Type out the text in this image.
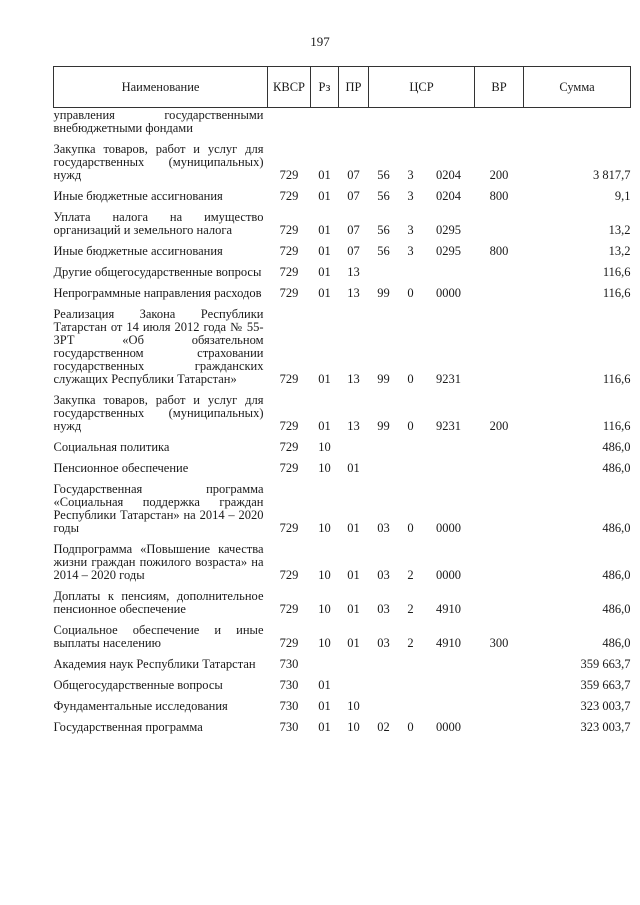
197
Наименование	КВСР	Рз	ПР	ЦСР			ВР	Сумма
управления государственными внебюджетными фондами								
Закупка товаров, работ и услуг для государственных (муниципальных) нужд	729	01	07	56	3	0204	200	3 817,7
Иные бюджетные ассигнования	729	01	07	56	3	0204	800	9,1
Уплата налога на имущество организаций и земельного налога	729	01	07	56	3	0295		13,2
Иные бюджетные ассигнования	729	01	07	56	3	0295	800	13,2
Другие общегосударственные вопросы	729	01	13					116,6
Непрограммные направления расходов	729	01	13	99	0	0000		116,6
Реализация Закона Республики Татарстан от 14 июля 2012 года № 55-ЗРТ «Об обязательном государственном страховании государственных гражданских служащих Республики Татарстан»	729	01	13	99	0	9231		116,6
Закупка товаров, работ и услуг для государственных (муниципальных) нужд	729	01	13	99	0	9231	200	116,6
Социальная политика	729	10						486,0
Пенсионное обеспечение	729	10	01					486,0
Государственная программа «Социальная поддержка граждан Республики Татарстан» на 2014 – 2020 годы	729	10	01	03	0	0000		486,0
Подпрограмма «Повышение качества жизни граждан пожилого возраста» на 2014 – 2020 годы	729	10	01	03	2	0000		486,0
Доплаты к пенсиям, дополнительное пенсионное обеспечение	729	10	01	03	2	4910		486,0
Социальное обеспечение и иные выплаты населению	729	10	01	03	2	4910	300	486,0
Академия наук Республики Татарстан	730							359 663,7
Общегосударственные вопросы	730	01						359 663,7
Фундаментальные исследования	730	01	10					323 003,7
Государственная программа	730	01	10	02	0	0000		323 003,7
